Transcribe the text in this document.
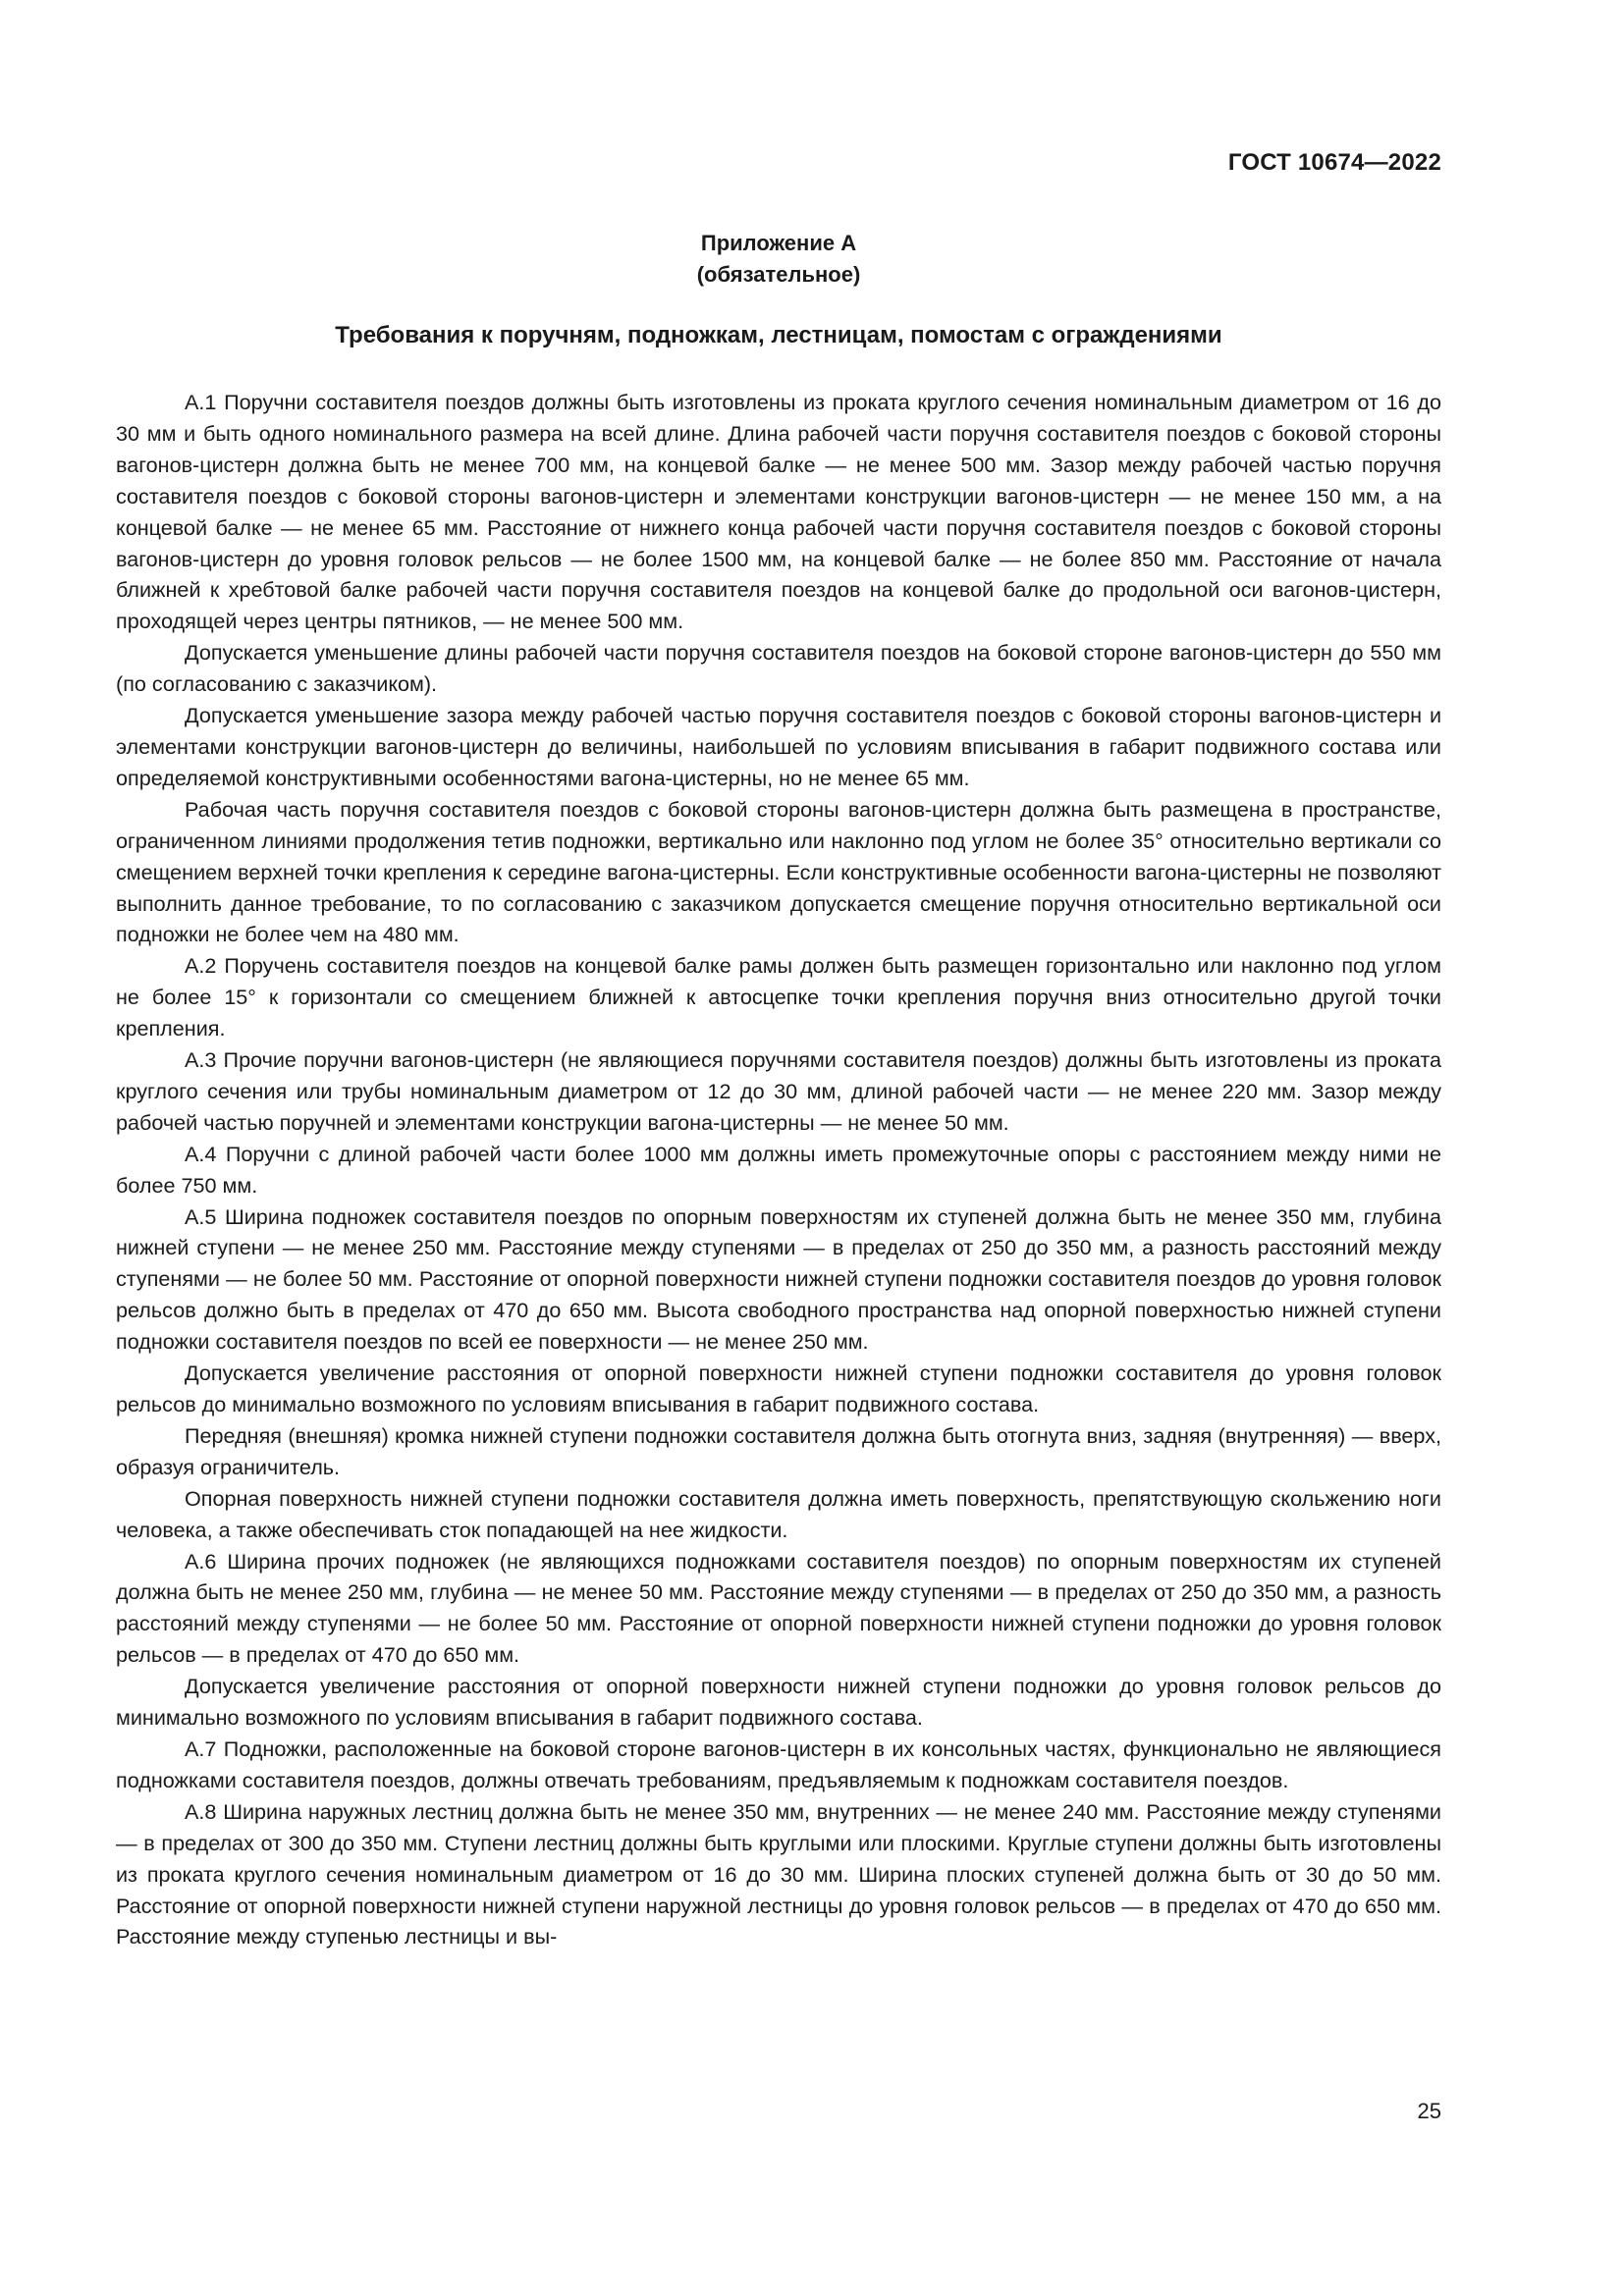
ГОСТ 10674—2022
Приложение А
(обязательное)
Требования к поручням, подножкам, лестницам, помостам с ограждениями

А.1 Поручни составителя поездов должны быть изготовлены из проката круглого сечения номинальным диаметром от 16 до 30 мм и быть одного номинального размера на всей длине. Длина рабочей части поручня составителя поездов с боковой стороны вагонов-цистерн должна быть не менее 700 мм, на концевой балке — не менее 500 мм. Зазор между рабочей частью поручня составителя поездов с боковой стороны вагонов-цистерн и элементами конструкции вагонов-цистерн — не менее 150 мм, а на концевой балке — не менее 65 мм. Расстояние от нижнего конца рабочей части поручня составителя поездов с боковой стороны вагонов-цистерн до уровня головок рельсов — не более 1500 мм, на концевой балке — не более 850 мм. Расстояние от начала ближней к хребтовой балке рабочей части поручня составителя поездов на концевой балке до продольной оси вагонов-цистерн, проходящей через центры пятников, — не менее 500 мм.

Допускается уменьшение длины рабочей части поручня составителя поездов на боковой стороне вагонов-цистерн до 550 мм (по согласованию с заказчиком).

Допускается уменьшение зазора между рабочей частью поручня составителя поездов с боковой стороны вагонов-цистерн и элементами конструкции вагонов-цистерн до величины, наибольшей по условиям вписывания в габарит подвижного состава или определяемой конструктивными особенностями вагона-цистерны, но не менее 65 мм.

Рабочая часть поручня составителя поездов с боковой стороны вагонов-цистерн должна быть размещена в пространстве, ограниченном линиями продолжения тетив подножки, вертикально или наклонно под углом не более 35° относительно вертикали со смещением верхней точки крепления к середине вагона-цистерны. Если конструктивные особенности вагона-цистерны не позволяют выполнить данное требование, то по согласованию с заказчиком допускается смещение поручня относительно вертикальной оси подножки не более чем на 480 мм.

А.2 Поручень составителя поездов на концевой балке рамы должен быть размещен горизонтально или наклонно под углом не более 15° к горизонтали со смещением ближней к автосцепке точки крепления поручня вниз относительно другой точки крепления.

А.3 Прочие поручни вагонов-цистерн (не являющиеся поручнями составителя поездов) должны быть изготовлены из проката круглого сечения или трубы номинальным диаметром от 12 до 30 мм, длиной рабочей части — не менее 220 мм. Зазор между рабочей частью поручней и элементами конструкции вагона-цистерны — не менее 50 мм.

А.4 Поручни с длиной рабочей части более 1000 мм должны иметь промежуточные опоры с расстоянием между ними не более 750 мм.

А.5 Ширина подножек составителя поездов по опорным поверхностям их ступеней должна быть не менее 350 мм, глубина нижней ступени — не менее 250 мм. Расстояние между ступенями — в пределах от 250 до 350 мм, а разность расстояний между ступенями — не более 50 мм. Расстояние от опорной поверхности нижней ступени подножки составителя поездов до уровня головок рельсов должно быть в пределах от 470 до 650 мм. Высота свободного пространства над опорной поверхностью нижней ступени подножки составителя поездов по всей ее поверхности — не менее 250 мм.

Допускается увеличение расстояния от опорной поверхности нижней ступени подножки составителя до уровня головок рельсов до минимально возможного по условиям вписывания в габарит подвижного состава.

Передняя (внешняя) кромка нижней ступени подножки составителя должна быть отогнута вниз, задняя (внутренняя) — вверх, образуя ограничитель.

Опорная поверхность нижней ступени подножки составителя должна иметь поверхность, препятствующую скольжению ноги человека, а также обеспечивать сток попадающей на нее жидкости.

А.6 Ширина прочих подножек (не являющихся подножками составителя поездов) по опорным поверхностям их ступеней должна быть не менее 250 мм, глубина — не менее 50 мм. Расстояние между ступенями — в пределах от 250 до 350 мм, а разность расстояний между ступенями — не более 50 мм. Расстояние от опорной поверхности нижней ступени подножки до уровня головок рельсов — в пределах от 470 до 650 мм.

Допускается увеличение расстояния от опорной поверхности нижней ступени подножки до уровня головок рельсов до минимально возможного по условиям вписывания в габарит подвижного состава.

А.7 Подножки, расположенные на боковой стороне вагонов-цистерн в их консольных частях, функционально не являющиеся подножками составителя поездов, должны отвечать требованиям, предъявляемым к подножкам составителя поездов.

А.8 Ширина наружных лестниц должна быть не менее 350 мм, внутренних — не менее 240 мм. Расстояние между ступенями — в пределах от 300 до 350 мм. Ступени лестниц должны быть круглыми или плоскими. Круглые ступени должны быть изготовлены из проката круглого сечения номинальным диаметром от 16 до 30 мм. Ширина плоских ступеней должна быть от 30 до 50 мм. Расстояние от опорной поверхности нижней ступени наружной лестницы до уровня головок рельсов — в пределах от 470 до 650 мм. Расстояние между ступенью лестницы и вы-

25
